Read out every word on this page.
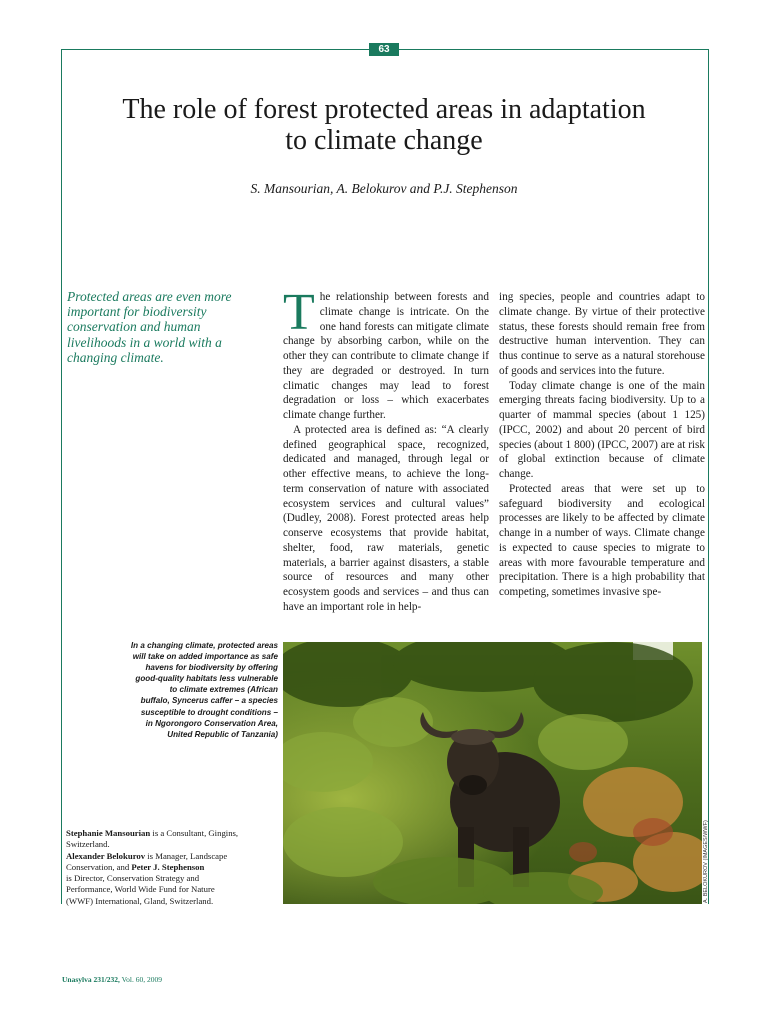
63
The role of forest protected areas in adaptation
to climate change
S. Mansourian, A. Belokurov and P.J. Stephenson
Protected areas are even more
important for biodiversity
conservation and human
livelihoods in a world with a
changing climate.

The relationship between forests and climate change is intricate. On the one hand forests can mitigate climate change by absorbing carbon, while on the other they can contribute to climate change if they are degraded or destroyed. In turn climatic changes may lead to forest degradation or loss – which exacerbates climate change further.

A protected area is defined as: “A clearly defined geographical space, recognized, dedicated and managed, through legal or other effective means, to achieve the long-term conservation of nature with associated ecosystem services and cultural values” (Dudley, 2008). Forest protected areas help conserve ecosystems that provide habitat, shelter, food, raw materials, genetic materials, a barrier against disasters, a stable source of resources and many other ecosystem goods and services – and thus can have an important role in help-

ing species, people and countries adapt to climate change. By virtue of their protective status, these forests should remain free from destructive human intervention. They can thus continue to serve as a natural storehouse of goods and services into the future.

Today climate change is one of the main emerging threats facing biodiversity. Up to a quarter of mammal species (about 1 125) (IPCC, 2002) and about 20 percent of bird species (about 1 800) (IPCC, 2007) are at risk of global extinction because of climate change.

Protected areas that were set up to safeguard biodiversity and ecological processes are likely to be affected by climate change in a number of ways. Climate change is expected to cause species to migrate to areas with more favourable temperature and precipitation. There is a high probability that competing, sometimes invasive spe-

In a changing climate, protected areas
will take on added importance as safe
havens for biodiversity by offering
good-quality habitats less vulnerable
to climate extremes (African
buffalo, Syncerus caffer – a species
susceptible to drought conditions –
in Ngorongoro Conservation Area,
United Republic of Tanzania)
A. BELOKUROV (IMAGES/WWF)
Stephanie Mansourian is a Consultant, Gingins,
Switzerland.
Alexander Belokurov is Manager, Landscape
Conservation, and Peter J. Stephenson
is Director, Conservation Strategy and
Performance, World Wide Fund for Nature
(WWF) International, Gland, Switzerland.
Unasylva 231/232, Vol. 60, 2009
